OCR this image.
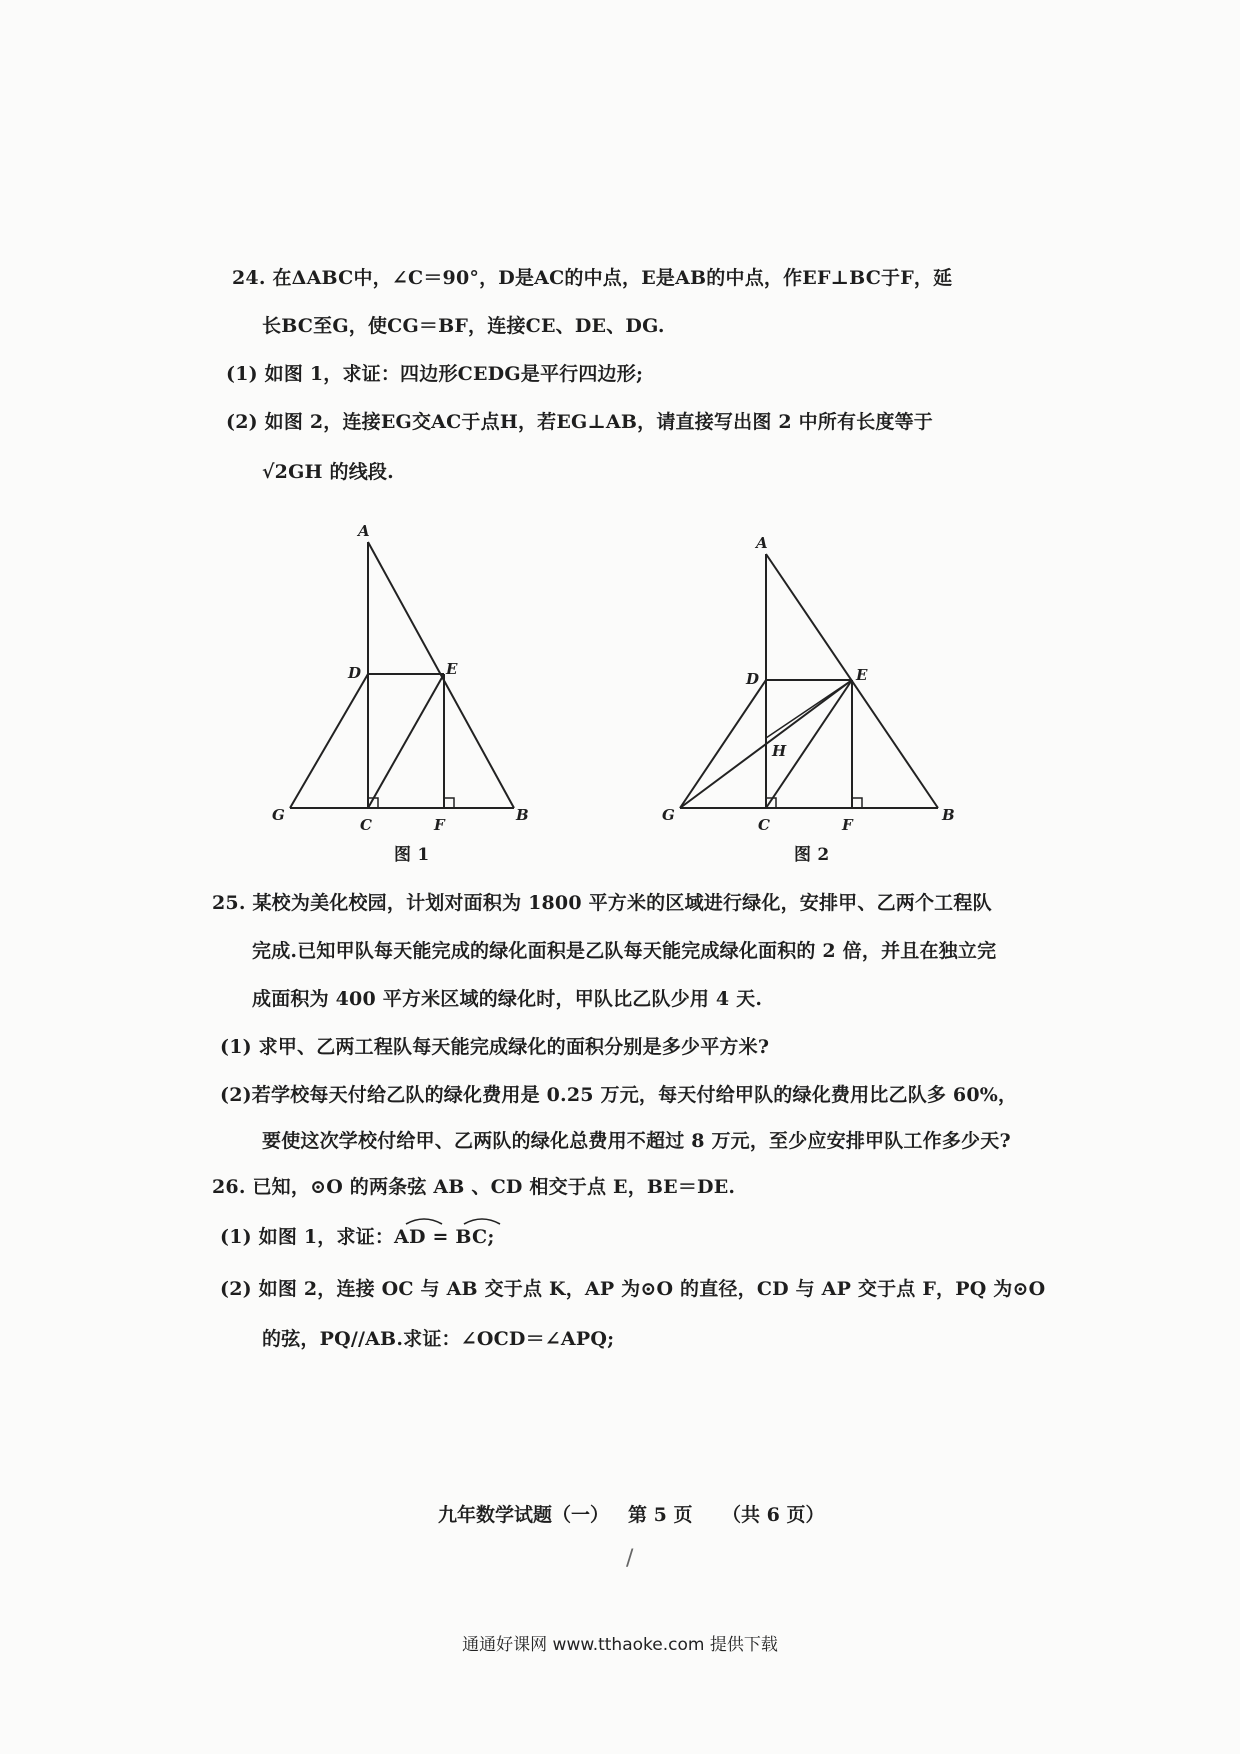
24. 在ΔABC中，∠C＝90°，D是AC的中点，E是AB的中点，作EF⊥BC于F，延
长BC至G，使CG＝BF，连接CE、DE、DG.
(1) 如图 1，求证：四边形CEDG是平行四边形;
(2) 如图 2，连接EG交AC于点H，若EG⊥AB，请直接写出图 2 中所有长度等于
√2GH 的线段.
A
D	E
G
C	F
B
图 1
A
D	E
H
G
C	F
B
图 2
25. 某校为美化校园，计划对面积为 1800 平方米的区域进行绿化，安排甲、乙两个工程队
完成.已知甲队每天能完成的绿化面积是乙队每天能完成绿化面积的 2 倍，并且在独立完
成面积为 400 平方米区域的绿化时，甲队比乙队少用 4 天.
(1) 求甲、乙两工程队每天能完成绿化的面积分别是多少平方米?
(2)若学校每天付给乙队的绿化费用是 0.25 万元，每天付给甲队的绿化费用比乙队多 60%，
要使这次学校付给甲、乙两队的绿化总费用不超过 8 万元，至少应安排甲队工作多少天?
26. 已知，⊙O 的两条弦 AB 、CD 相交于点 E，BE＝DE.
(1) 如图 1，求证：AD = BC;
(2) 如图 2，连接 OC 与 AB 交于点 K，AP 为⊙O 的直径，CD 与 AP 交于点 F，PQ 为⊙O
的弦，PQ//AB.求证：∠OCD＝∠APQ;
九年数学试题（一） 第 5 页 （共 6 页）
/
通通好课网 www.tthaoke.com 提供下载
